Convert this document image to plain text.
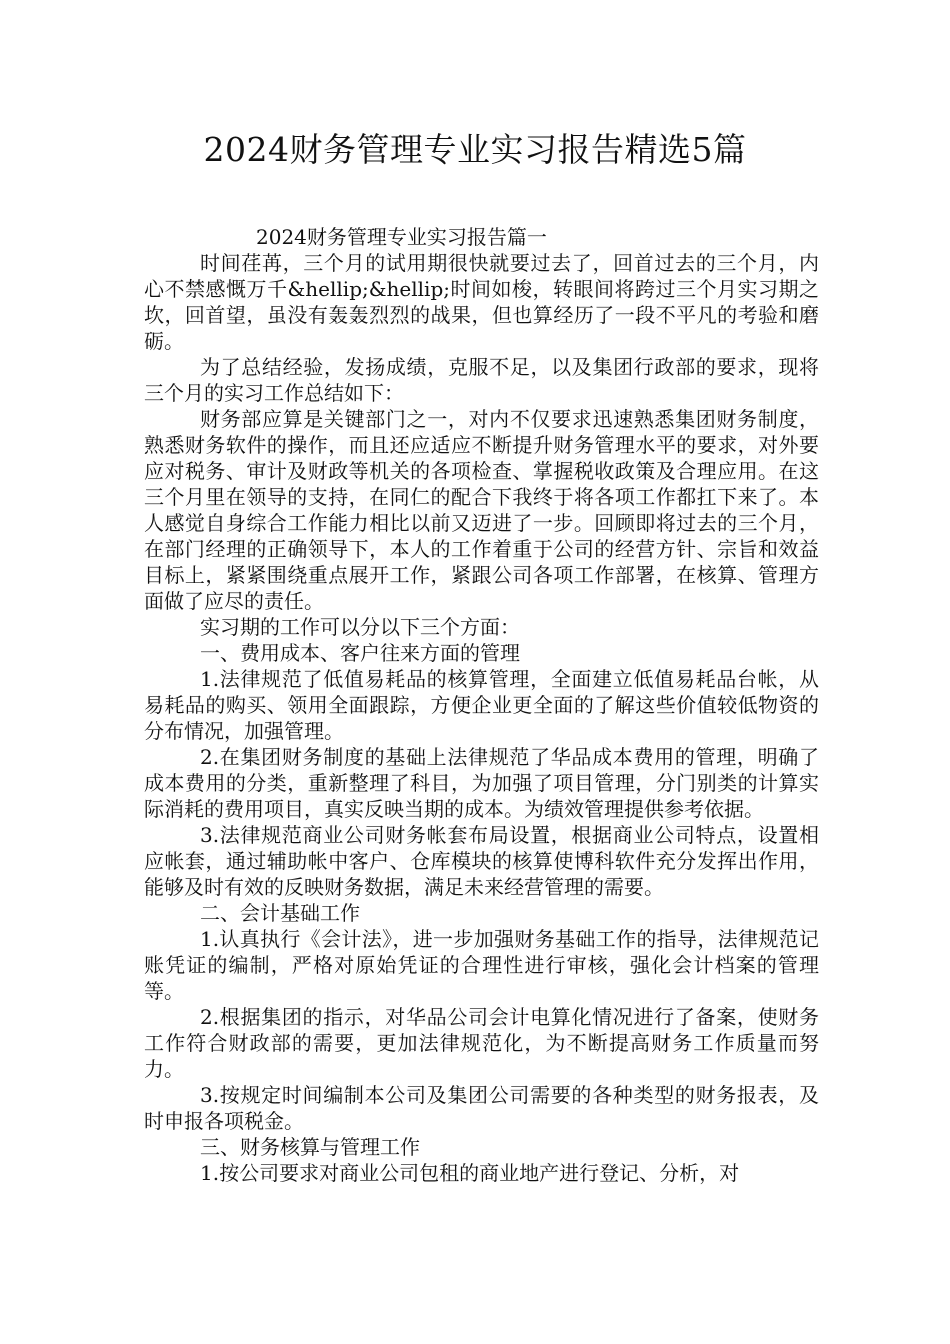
2024财务管理专业实习报告精选5篇
2024财务管理专业实习报告篇一

时间荏苒，三个月的试用期很快就要过去了，回首过去的三个月，内心不禁感慨万千&hellip;&hellip;时间如梭，转眼间将跨过三个月实习期之坎，回首望，虽没有轰轰烈烈的战果，但也算经历了一段不平凡的考验和磨砺。

为了总结经验，发扬成绩，克服不足，以及集团行政部的要求，现将三个月的实习工作总结如下：

财务部应算是关键部门之一，对内不仅要求迅速熟悉集团财务制度，熟悉财务软件的操作，而且还应适应不断提升财务管理水平的要求，对外要应对税务、审计及财政等机关的各项检查、掌握税收政策及合理应用。在这三个月里在领导的支持，在同仁的配合下我终于将各项工作都扛下来了。本人感觉自身综合工作能力相比以前又迈进了一步。回顾即将过去的三个月，在部门经理的正确领导下，本人的工作着重于公司的经营方针、宗旨和效益目标上，紧紧围绕重点展开工作，紧跟公司各项工作部署，在核算、管理方面做了应尽的责任。

实习期的工作可以分以下三个方面：

一、费用成本、客户往来方面的管理

1.法律规范了低值易耗品的核算管理，全面建立低值易耗品台帐，从易耗品的购买、领用全面跟踪，方便企业更全面的了解这些价值较低物资的分布情况，加强管理。

2.在集团财务制度的基础上法律规范了华品成本费用的管理，明确了成本费用的分类，重新整理了科目，为加强了项目管理，分门别类的计算实际消耗的费用项目，真实反映当期的成本。为绩效管理提供参考依据。

3.法律规范商业公司财务帐套布局设置，根据商业公司特点，设置相应帐套，通过辅助帐中客户、仓库模块的核算使博科软件充分发挥出作用，能够及时有效的反映财务数据，满足未来经营管理的需要。

二、会计基础工作

1.认真执行《会计法》，进一步加强财务基础工作的指导，法律规范记账凭证的编制，严格对原始凭证的合理性进行审核，强化会计档案的管理等。

2.根据集团的指示，对华品公司会计电算化情况进行了备案，使财务工作符合财政部的需要，更加法律规范化，为不断提高财务工作质量而努力。

3.按规定时间编制本公司及集团公司需要的各种类型的财务报表，及时申报各项税金。

三、财务核算与管理工作

1.按公司要求对商业公司包租的商业地产进行登记、分析，对
